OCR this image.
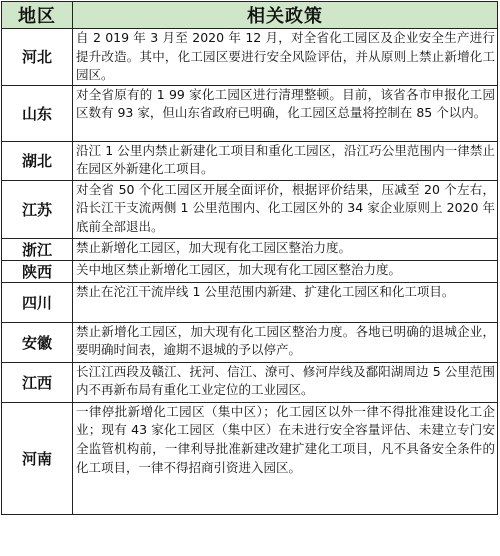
地区	相关政策
河北	自 2 019 年 3 月至 2020 年 12 月，对全省化工园区及企业安全生产进行提升改造。其中，化工园区要进行安全风险评估，并从原则上禁止新增化工园区。
山东	对全省原有的 1 99 家化工园区进行清理整顿。目前，该省各市申报化工园区数有 93 家，但山东省政府已明确，化工园区总量将控制在 85 个以内。
湖北	沿江 1 公里内禁止新建化工项目和重化工园区，沿江巧公里范围内一律禁止在园区外新建化工项目。
江苏	对全省 50 个化工园区开展全面评价，根据评价结果，压减至 20 个左右，沿长江干支流两侧 1 公里范围内、化工园区外的 34 家企业原则上 2020 年底前全部退出。
浙江	禁止新增化工园区，加大现有化工园区整治力度。
陕西	关中地区禁止新增化工园区，加大现有化工园区整治力度。
四川	禁止在沱江干流岸线 1 公里范围内新建、扩建化工园区和化工项目。
安徽	禁止新增化工园区，加大现有化工园区整治力度。各地已明确的退城企业，要明确时间表，逾期不退城的予以停产。
江西	长江江西段及赣江、抚河、信江、潦可、修河岸线及鄱阳湖周边 5 公里范围内不再新布局有重化工业定位的工业园区。
河南	一律停批新增化工园区（集中区）；化工园区以外一律不得批准建设化工企业；现有 43 家化工园区（集中区）在未进行安全容量评估、未建立专门安全监管机构前，一律利导批准新建改建扩建化工项目，凡不具备安全条件的化工项目，一律不得招商引资进入园区。
